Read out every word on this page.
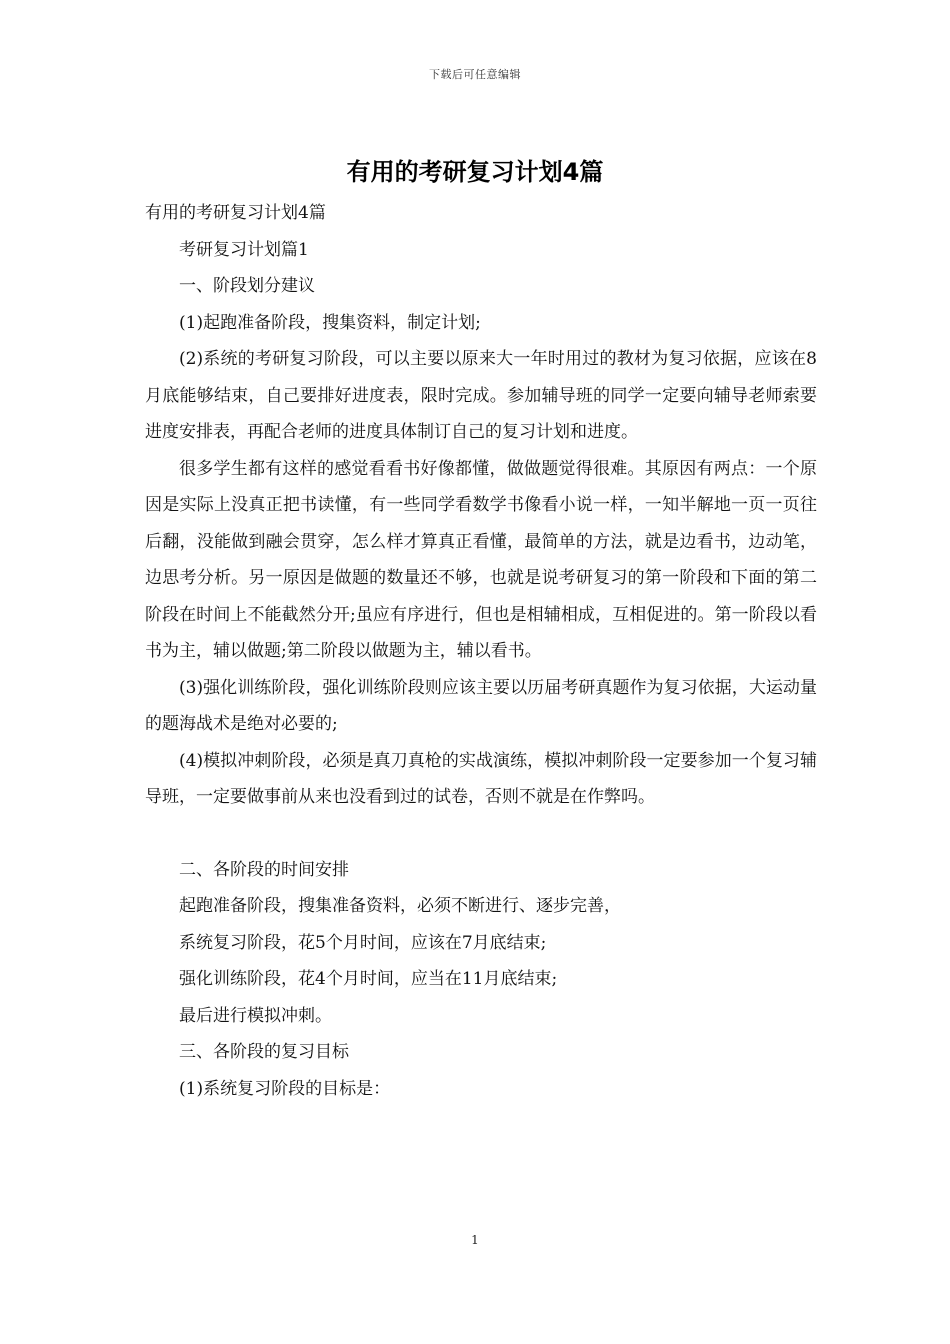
下载后可任意编辑
有用的考研复习计划4篇

有用的考研复习计划4篇

考研复习计划篇1

一、阶段划分建议

(1)起跑准备阶段，搜集资料，制定计划;

(2)系统的考研复习阶段，可以主要以原来大一年时用过的教材为复习依据，应该在8月底能够结束，自己要排好进度表，限时完成。参加辅导班的同学一定要向辅导老师索要进度安排表，再配合老师的进度具体制订自己的复习计划和进度。

很多学生都有这样的感觉看看书好像都懂，做做题觉得很难。其原因有两点：一个原因是实际上没真正把书读懂，有一些同学看数学书像看小说一样，一知半解地一页一页往后翻，没能做到融会贯穿，怎么样才算真正看懂，最简单的方法，就是边看书，边动笔，边思考分析。另一原因是做题的数量还不够，也就是说考研复习的第一阶段和下面的第二阶段在时间上不能截然分开;虽应有序进行，但也是相辅相成，互相促进的。第一阶段以看书为主，辅以做题;第二阶段以做题为主，辅以看书。

(3)强化训练阶段，强化训练阶段则应该主要以历届考研真题作为复习依据，大运动量的题海战术是绝对必要的;

(4)模拟冲刺阶段，必须是真刀真枪的实战演练，模拟冲刺阶段一定要参加一个复习辅导班，一定要做事前从来也没看到过的试卷，否则不就是在作弊吗。

二、各阶段的时间安排

起跑准备阶段，搜集准备资料，必须不断进行、逐步完善，

系统复习阶段，花5个月时间，应该在7月底结束;

强化训练阶段，花4个月时间，应当在11月底结束;

最后进行模拟冲刺。

三、各阶段的复习目标

(1)系统复习阶段的目标是：

1
